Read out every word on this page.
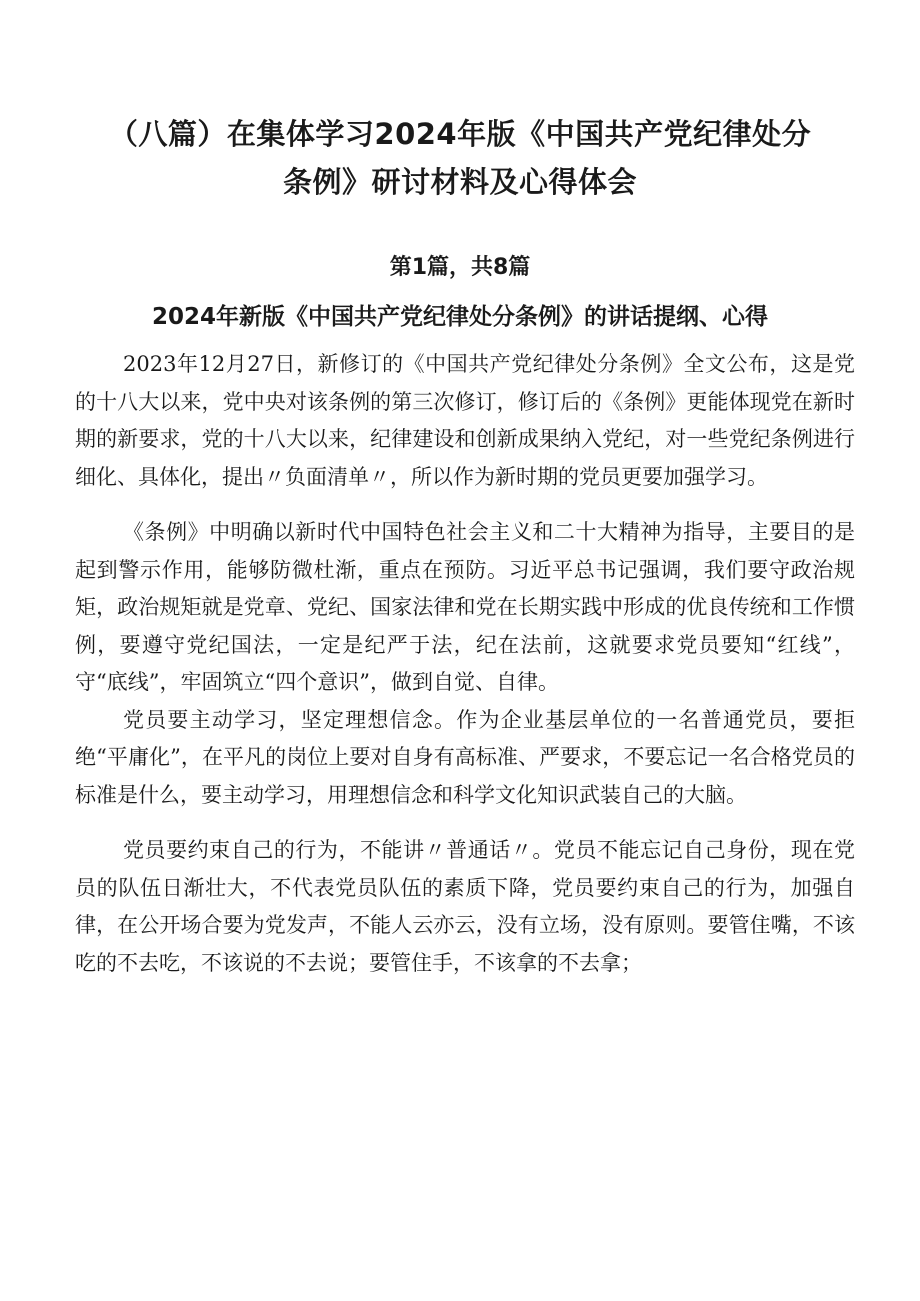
（八篇）在集体学习2024年版《中国共产党纪律处分
条例》研讨材料及心得体会
第1篇，共8篇
2024年新版《中国共产党纪律处分条例》的讲话提纲、心得

2023年12月27日，新修订的《中国共产党纪律处分条例》全文公布，这是党的十八大以来，党中央对该条例的第三次修订，修订后的《条例》更能体现党在新时期的新要求，党的十八大以来，纪律建设和创新成果纳入党纪，对一些党纪条例进行细化、具体化，提出〃负面清单〃，所以作为新时期的党员更要加强学习。

《条例》中明确以新时代中国特色社会主义和二十大精神为指导，主要目的是起到警示作用，能够防微杜渐，重点在预防。习近平总书记强调，我们要守政治规矩，政治规矩就是党章、党纪、国家法律和党在长期实践中形成的优良传统和工作惯例，要遵守党纪国法，一定是纪严于法，纪在法前，这就要求党员要知“红线”，守“底线”，牢固筑立“四个意识”，做到自觉、自律。

党员要主动学习，坚定理想信念。作为企业基层单位的一名普通党员，要拒绝“平庸化”，在平凡的岗位上要对自身有高标准、严要求，不要忘记一名合格党员的标准是什么，要主动学习，用理想信念和科学文化知识武装自己的大脑。

党员要约束自己的行为，不能讲〃普通话〃。党员不能忘记自己身份，现在党员的队伍日渐壮大，不代表党员队伍的素质下降，党员要约束自己的行为，加强自律，在公开场合要为党发声，不能人云亦云，没有立场，没有原则。要管住嘴，不该吃的不去吃，不该说的不去说；要管住手，不该拿的不去拿；
